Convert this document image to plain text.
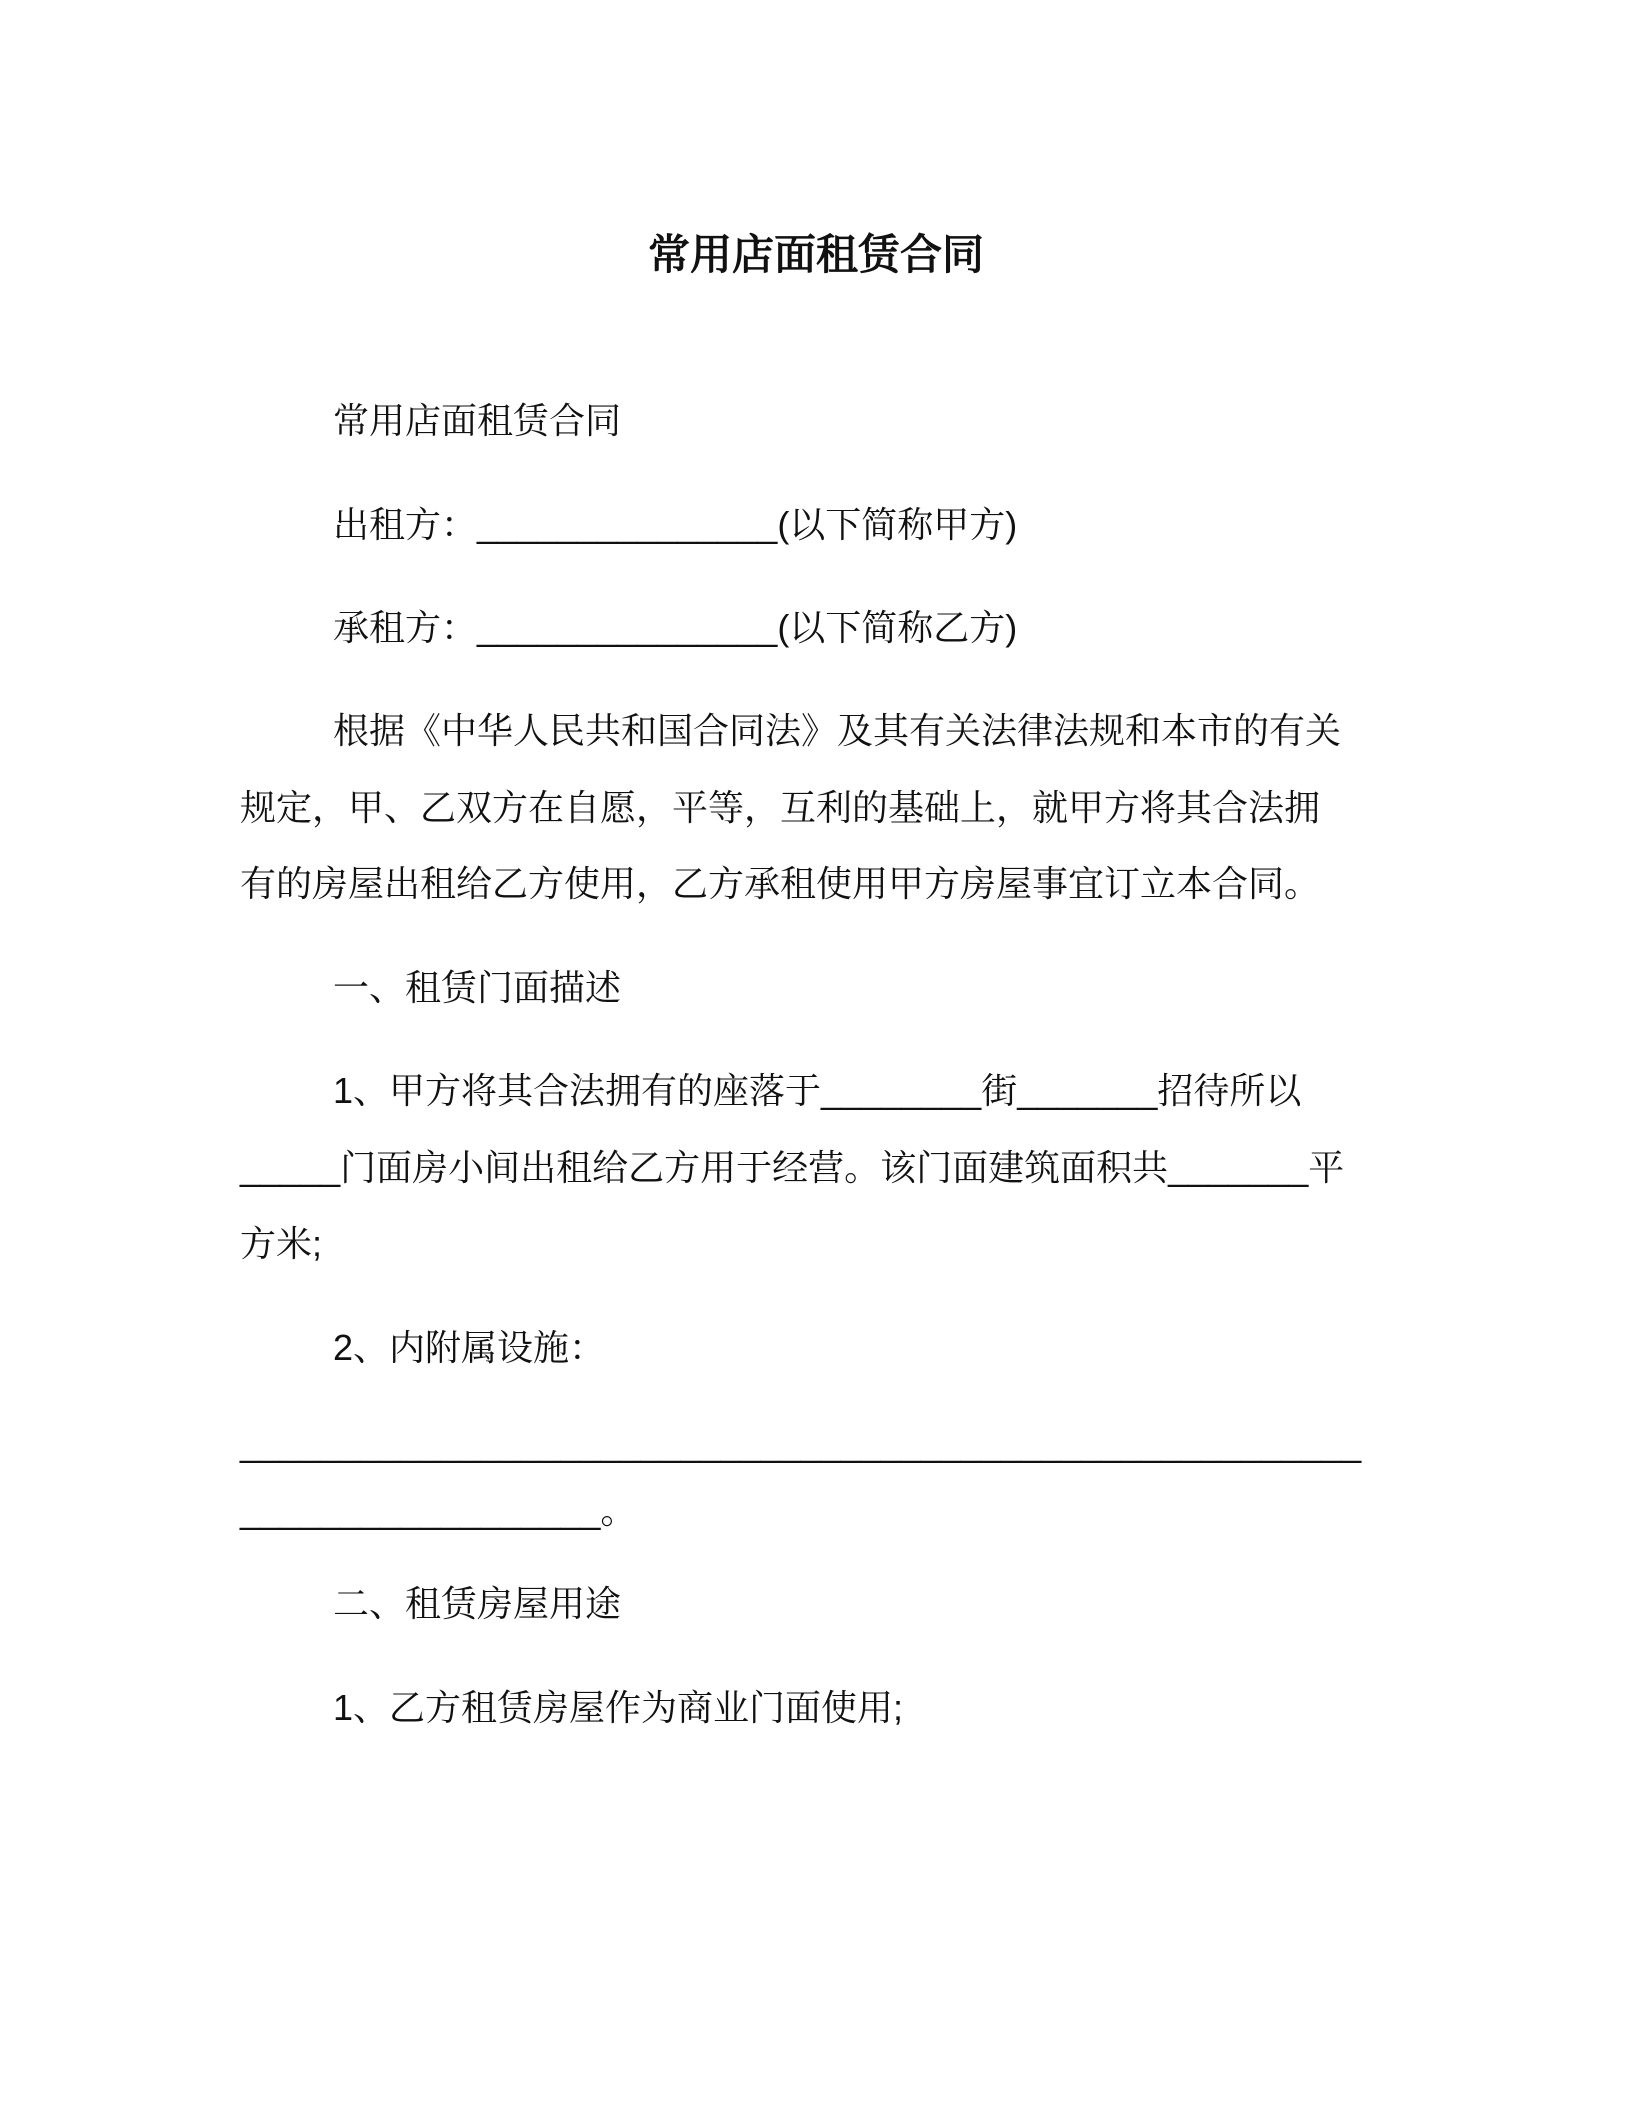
常用店面租赁合同
常用店面租赁合同
出租方：_______________(以下简称甲方)
承租方：_______________(以下简称乙方)
根据《中华人民共和国合同法》及其有关法律法规和本市的有关
规定，甲、乙双方在自愿，平等，互利的基础上，就甲方将其合法拥
有的房屋出租给乙方使用，乙方承租使用甲方房屋事宜订立本合同。
一、租赁门面描述
1、甲方将其合法拥有的座落于________街_______招待所以
_____门面房小间出租给乙方用于经营。该门面建筑面积共_______平
方米;
2、内附属设施：
________________________________________________________
__________________。
二、租赁房屋用途
1、乙方租赁房屋作为商业门面使用;
